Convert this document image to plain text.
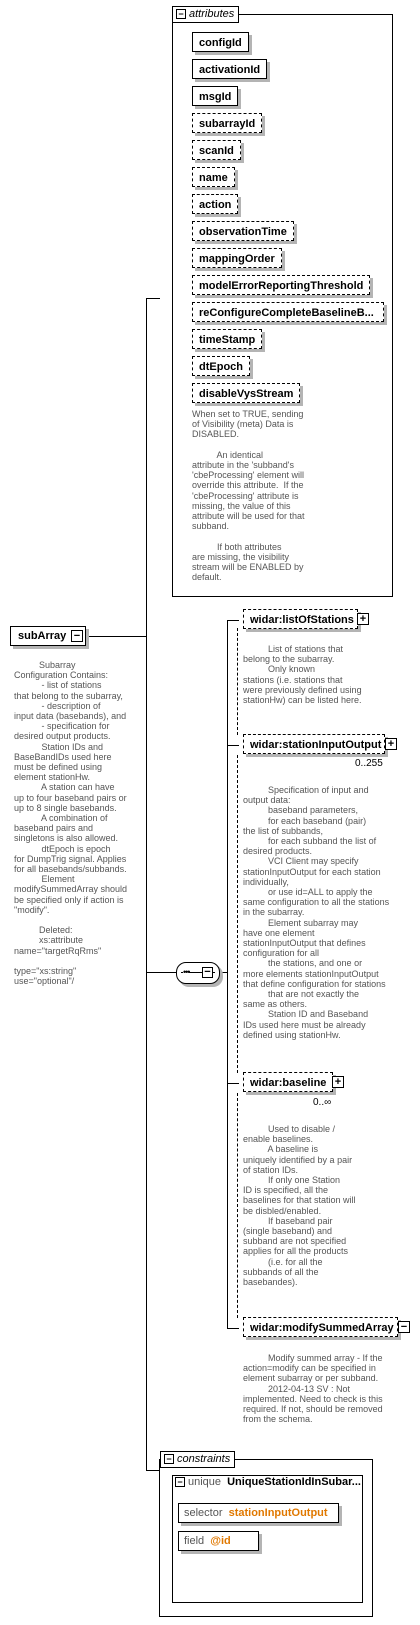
subArray −
Subarray
Configuration Contains:
- list of stations
that belong to the subarray,
- description of
input data (basebands), and
- specification for
desired output products.
Station IDs and
BaseBandIDs used here
must be defined using
element stationHw.
A station can have
up to four baseband pairs or
up to 8 single basebands.
A combination of
baseband pairs and
singletons is also allowed.
dtEpoch is epoch
for DumpTrig signal. Applies
for all basebands/subbands.
Element
modifySummedArray should
be specified only if action is
"modify".

Deleted:
xs:attribute
name="targetRqRms"

type="xs:string"
use="optional"/
− attributes
configId
activationId
msgId
subarrayId
scanId
name
action
observationTime
mappingOrder
modelErrorReportingThreshold
reConfigureCompleteBaselineB...
timeStamp
dtEpoch
disableVysStream
When set to TRUE, sending
of Visibility (meta) Data is
DISABLED.

An identical
attribute in the 'subband's
'cbeProcessing' element will
override this attribute.  If the
'cbeProcessing' attribute is
missing, the value of this
attribute will be used for that
subband.

If both attributes
are missing, the visibility
stream will be ENABLED by
default.
••• −
widar:listOfStations +
List of stations that
belong to the subarray.
Only known
stations (i.e. stations that
were previously defined using
stationHw) can be listed here.
widar:stationInputOutput +
0..255
Specification of input and
output data:
baseband parameters,
for each baseband (pair)
the list of subbands,
for each subband the list of
desired products.
VCI Client may specify
stationInputOutput for each station
individually,
or use id=ALL to apply the
same configuration to all the stations
in the subarray.
Element subarray may
have one element
stationInputOutput that defines
configuration for all
the stations, and one or
more elements stationInputOutput
that define configuration for stations
that are not exactly the
same as others.
Station ID and Baseband
IDs used here must be already
defined using stationHw.
widar:baseline +
0..∞
Used to disable /
enable baselines.
A baseline is
uniquely identified by a pair
of station IDs.
If only one Station
ID is specified, all the
baselines for that station will
be disbled/enabled.
If baseband pair
(single baseband) and
subband are not specified
applies for all the products
(i.e. for all the
subbands of all the
basebandes).
widar:modifySummedArray −
Modify summed array - If the
action=modify can be specified in
element subarray or per subband.
2012-04-13 SV : Not
implemented. Need to check is this
required. If not, should be removed
from the schema.
− constraints
− unique UniqueStationIdInSubar...
selector stationInputOutput
field @id
